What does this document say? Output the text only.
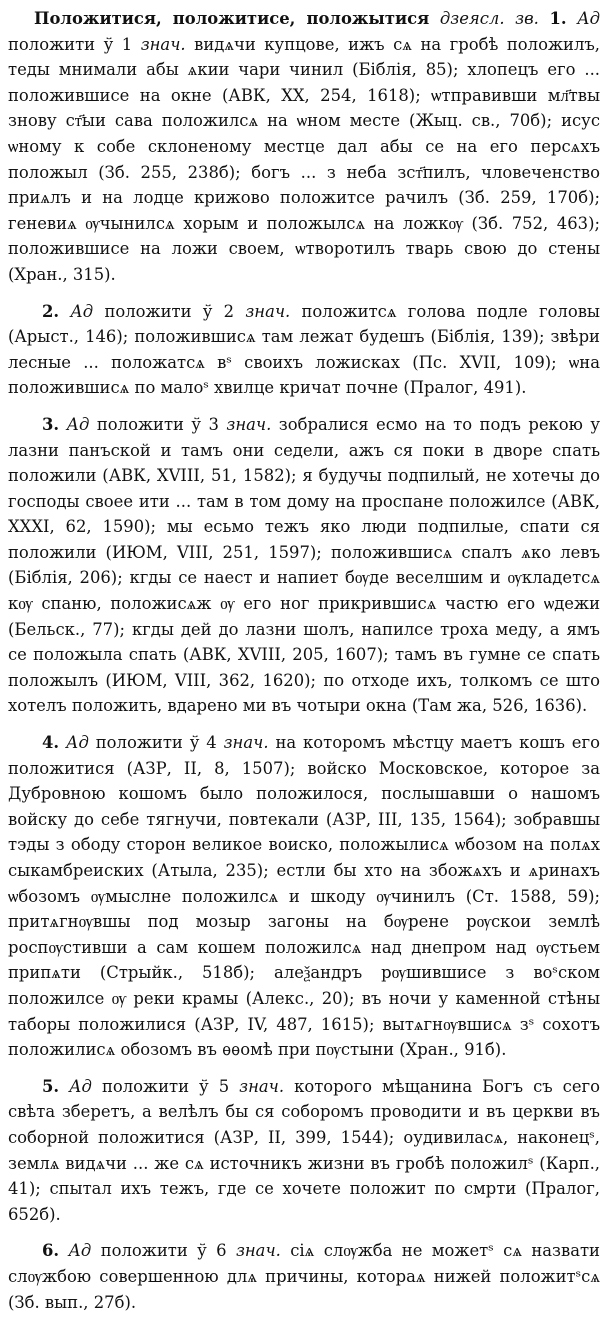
Положитися, положитисе, положытися дзеясл. зв. 1. Ад положити ў 1 знач. видѧчи купцове, ижъ сѧ на гробѣ положилъ, теды мнимали абы ѧкии чари чинил (Біблія, 85); хлопецъ его ... положившисе на окне (АВК, XX, 254, 1618); ѡтправивши мл҃твы знову ст҃ыи сава положилсѧ на ѡном месте (Жыц. св., 70б); исус ѡному к собе склоненому местце дал абы се на его персѧхъ положыл (Зб. 255, 238б); богъ ... з неба зст҃пилъ, чловеченство приѧлъ и на лодце крижово положитсе рачилъ (Зб. 259, 170б); геневиѧ ѹчынилсѧ хорым и положылсѧ на ложкѹ (Зб. 752, 463); положившисе на ложи своем, ѡтворотилъ тварь свою до стены (Хран., 315).

2. Ад положити ў 2 знач. положитсѧ голова подле головы (Арыст., 146); положившисѧ там лежат будешъ (Біблія, 139); звѣри лесные ... положатсѧ вˢ своихъ ложисках (Пс. XVII, 109); ѡна положившисѧ по малоˢ хвилце кричат почне (Пралог, 491).

3. Ад положити ў 3 знач. зобралися есмо на то подъ рекою у лазни панъской и тамъ они седели, ажъ ся поки в дворе спать положили (АВК, XVIII, 51, 1582); я будучы подпилый, не хотечы до господы своее ити ... там в том дому на проспане положилсе (АВК, XXXI, 62, 1590); мы есьмо тежъ яко люди подпилые, спати ся положили (ИЮМ, VIII, 251, 1597); положившисѧ спалъ ѧко левъ (Біблія, 206); кгды се наест и напиет бѹде веселшим и ѹкладетсѧ кѹ спаню, положисѧж ѹ его ног прикрившисѧ частю его ѡдежи (Бельск., 77); кгды дей до лазни шолъ, напилсе троха меду, а ямъ се положыла спать (АВК, XVIII, 205, 1607); тамъ въ гумне се спать положылъ (ИЮМ, VIII, 362, 1620); по отходе ихъ, толкомъ се што хотелъ положить, вдарено ми въ чотыри окна (Там жа, 526, 1636).

4. Ад положити ў 4 знач. на которомъ мѣстцу маетъ кошъ его положитися (АЗР, II, 8, 1507); войско Московское, которое за Дубровною кошомъ было положилося, послышавши о нашомъ войску до себе тягнучи, повтекали (АЗР, III, 135, 1564); зобравшы тэды з ободу сторон великое воиско, положылисѧ ѡбозом на полѧх сыкамбреиских (Атыла, 235); естли бы хто на збожѧхъ и ѧринахъ ѡбозомъ ѹмыслне положилсѧ и шкоду ѹчинилъ (Ст. 1588, 59); притѧгнѹвшы под мозыр загоны на бѹрене рѹскои землѣ роспѹстивши а сам кошем положилсѧ над днепром над ѹстьем припѧти (Стрыйк., 518б); алеѯандръ рѹшившисе з воˢском положилсе ѹ реки крамы (Алекс., 20); въ ночи у каменной стѣны таборы положилися (АЗР, IV, 487, 1615); вытѧгнѹвшисѧ зˢ сохотъ положилисѧ обозомъ въ ѳѳомѣ при пѹстыни (Хран., 91б).

5. Ад положити ў 5 знач. которого мѣщанина Богъ съ сего свѣта зберетъ, а велѣлъ бы ся соборомъ проводити и въ церкви въ соборной положитися (АЗР, II, 399, 1544); оудивиласѧ, наконецˢ, землѧ видѧчи ... же сѧ источникъ жизни въ гробѣ положилˢ (Карп., 41); спытал ихъ тежъ, где се хочете положит по смрти (Пралог, 652б).

6. Ад положити ў 6 знач. сіѧ слѹжба не можетˢ сѧ назвати слѹжбою совершенною длѧ причины, котораѧ нижей положитˢсѧ (Зб. вып., 27б).
